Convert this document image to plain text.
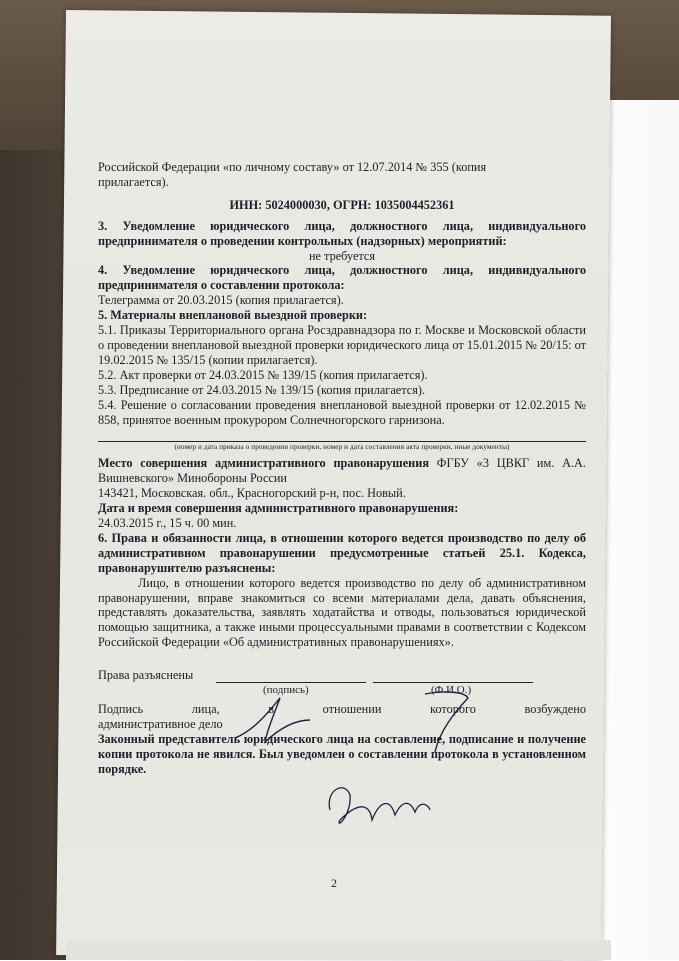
Российской Федерации «по личному составу» от 12.07.2014 № 355 (копия

прилагается).

ИНН: 5024000030, ОГРН: 1035004452361

3. Уведомление юридического лица, должностного лица, индивидуального предпринимателя о проведении контрольных (надзорных) мероприятий:

не требуется

4. Уведомление юридического лица, должностного лица, индивидуального предпринимателя о составлении протокола:

Телеграмма от 20.03.2015 (копия прилагается).

5. Материалы внеплановой выездной проверки:

5.1. Приказы Территориального органа Росздравнадзора по г. Москве и Московской области о проведении внеплановой выездной проверки юридического лица от 15.01.2015 № 20/15: от 19.02.2015 № 135/15 (копии прилагается).

5.2. Акт проверки от 24.03.2015 № 139/15 (копия прилагается).

5.3. Предписание от 24.03.2015 № 139/15 (копия прилагается).

5.4. Решение о согласовании проведения внеплановой выездной проверки от 12.02.2015 № 858, принятое военным прокурором Солнечногорского гарнизона.

(номер и дата приказа о проведении проверки, номер и дата составления акта проверки, иные документы)

Место совершения административного правонарушения ФГБУ «3 ЦВКГ им. А.А. Вишневского» Минобороны России

143421, Московская. обл., Красногорский р-н, пос. Новый.

Дата и время совершения административного правонарушения:

24.03.2015 г., 15 ч. 00 мин.

6. Права и обязанности лица, в отношении которого ведется производство по делу об административном правонарушении предусмотренные статьей 25.1. Кодекса, правонарушителю разъяснены:

Лицо, в отношении которого ведется производство по делу об административном правонарушении, вправе знакомиться со всеми материалами дела, давать объяснения, представлять доказательства, заявлять ходатайства и отводы, пользоваться юридической помощью защитника, а также иными процессуальными правами в соответствии с Кодексом Российской Федерации «Об административных правонарушениях».

Права разъяснены
(подпись)	(Ф.И.О.)
Подпись	лица,	в	отношении	которого	возбуждено

административное дело

Законный представитель юридического лица на составление, подписание и получение копии протокола не явился. Был уведомлен о составлении протокола в установленном порядке.

2
